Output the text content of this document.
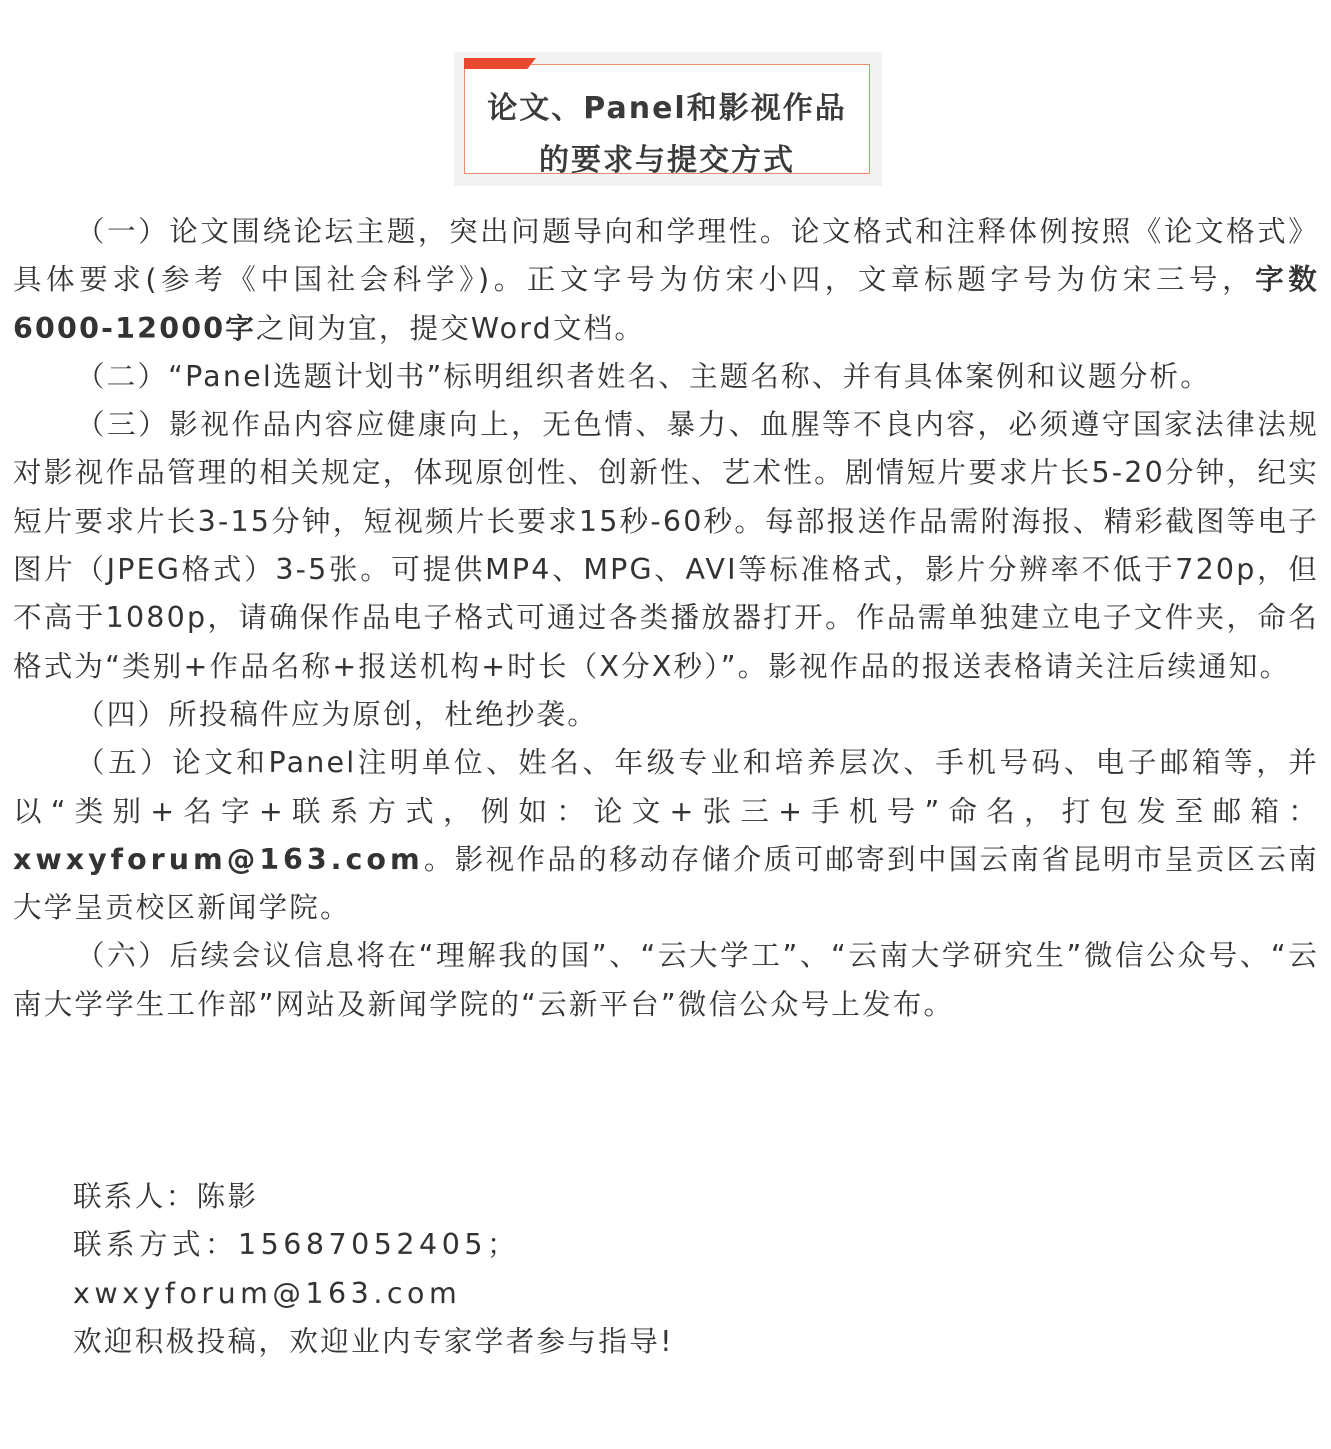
论文、Panel和影视作品
的要求与提交方式

（一）论文围绕论坛主题，突出问题导向和学理性。论文格式和注释体例按照《论文格式》具体要求(参考《中国社会科学》)。正文字号为仿宋小四，文章标题字号为仿宋三号，字数6000-12000字之间为宜，提交Word文档。

（二）“Panel选题计划书”标明组织者姓名、主题名称、并有具体案例和议题分析。

（三）影视作品内容应健康向上，无色情、暴力、血腥等不良内容，必须遵守国家法律法规对影视作品管理的相关规定，体现原创性、创新性、艺术性。剧情短片要求片长5-20分钟，纪实短片要求片长3-15分钟，短视频片长要求15秒-60秒。每部报送作品需附海报、精彩截图等电子图片（JPEG格式）3-5张。可提供MP4、MPG、AVI等标准格式，影片分辨率不低于720p，但不高于1080p，请确保作品电子格式可通过各类播放器打开。作品需单独建立电子文件夹，命名格式为“类别+作品名称+报送机构+时长（X分X秒）”。影视作品的报送表格请关注后续通知。

（四）所投稿件应为原创，杜绝抄袭。

（五）论文和Panel注明单位、姓名、年级专业和培养层次、手机号码、电子邮箱等，并以“类别+名字+联系方式，例如：论文+张三+手机号”命名，打包发至邮箱：xwxyforum@163.com。影视作品的移动存储介质可邮寄到中国云南省昆明市呈贡区云南大学呈贡校区新闻学院。

（六）后续会议信息将在“理解我的国”、“云大学工”、“云南大学研究生”微信公众号、“云南大学学生工作部”网站及新闻学院的“云新平台”微信公众号上发布。

联系人：陈影
联系方式：15687052405；
xwxyforum@163.com
欢迎积极投稿，欢迎业内专家学者参与指导!
